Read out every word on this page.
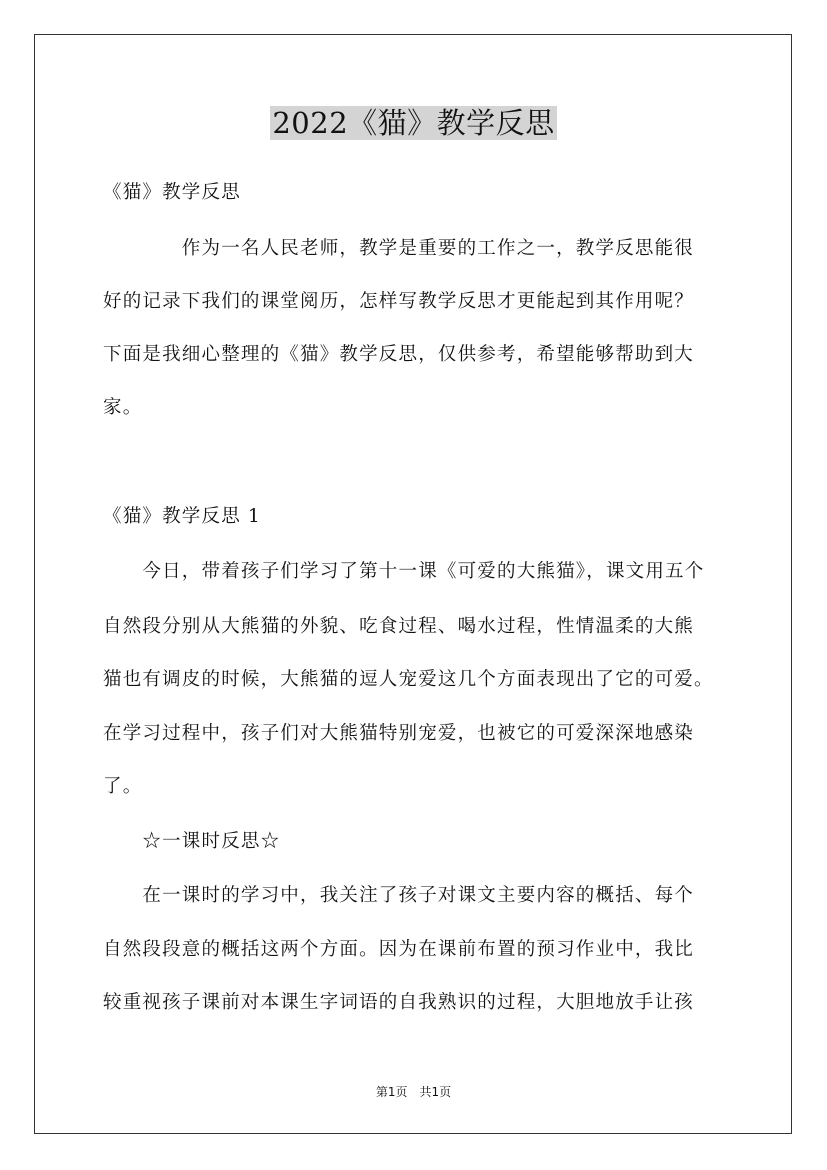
2022《猫》教学反思
《猫》教学反思
　　　　作为一名人民老师，教学是重要的工作之一，教学反思能很
好的记录下我们的课堂阅历，怎样写教学反思才更能起到其作用呢？
下面是我细心整理的《猫》教学反思，仅供参考，希望能够帮助到大
家。
《猫》教学反思 1
　　今日，带着孩子们学习了第十一课《可爱的大熊猫》，课文用五个
自然段分别从大熊猫的外貌、吃食过程、喝水过程，性情温柔的大熊
猫也有调皮的时候，大熊猫的逗人宠爱这几个方面表现出了它的可爱。
在学习过程中，孩子们对大熊猫特别宠爱，也被它的可爱深深地感染
了。
　　☆一课时反思☆
　　在一课时的学习中，我关注了孩子对课文主要内容的概括、每个
自然段段意的概括这两个方面。因为在课前布置的预习作业中，我比
较重视孩子课前对本课生字词语的自我熟识的过程，大胆地放手让孩
第1页　共1页
